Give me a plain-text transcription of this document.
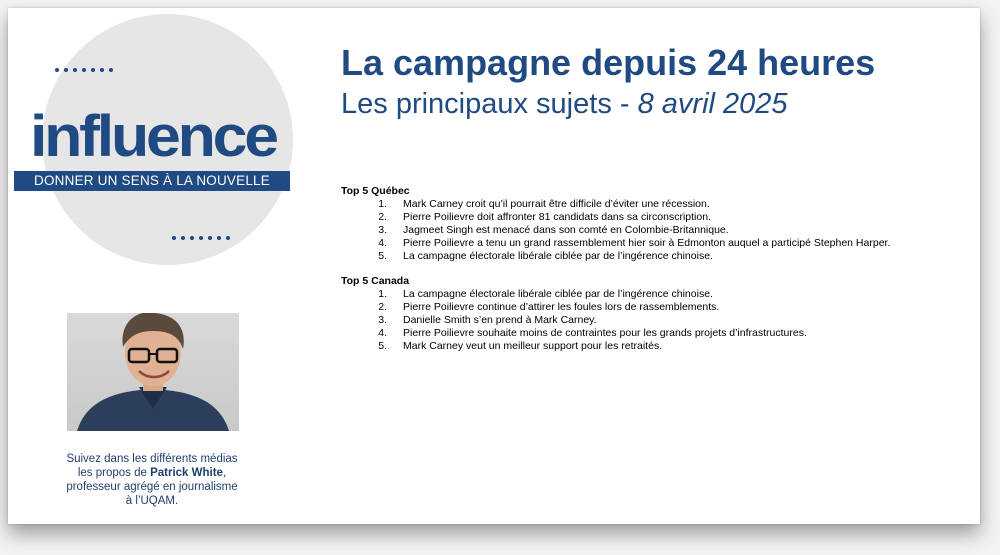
influence
DONNER UN SENS À LA NOUVELLE
Suivez dans les différents médias les propos de Patrick White, professeur agrégé en journalisme à l’UQAM.
La campagne depuis 24 heures
Les principaux sujets - 8 avril 2025
Top 5 Québec
1.	Mark Carney croit qu’il pourrait être difficile d’éviter une récession.
2.	Pierre Poilievre doit affronter 81 candidats dans sa circonscription.
3.	Jagmeet Singh est menacé dans son comté en Colombie-Britannique.
4.	Pierre Poilievre a tenu un grand rassemblement hier soir à Edmonton auquel a participé Stephen Harper.
5.	La campagne électorale libérale ciblée par de l’ingérence chinoise.
Top 5 Canada
1.	La campagne électorale libérale ciblée par de l’ingérence chinoise.
2.	Pierre Poilievre continue d’attirer les foules lors de rassemblements.
3.	Danielle Smith s’en prend à Mark Carney.
4.	Pierre Poilievre souhaite moins de contraintes pour les grands projets d’infrastructures.
5.	Mark Carney veut un meilleur support pour les retraités.
